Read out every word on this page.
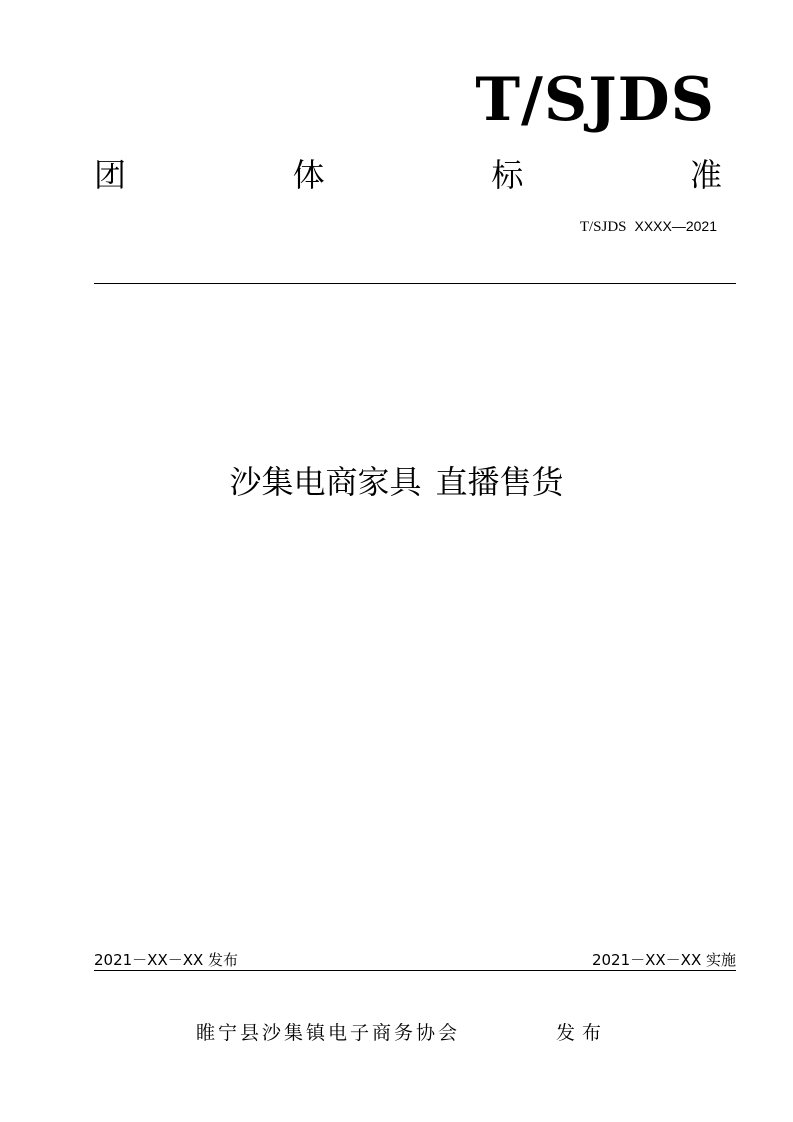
T/SJDS
团	体	标	准
T/SJDS XXXX—2021
沙集电商家具 直播售货
2021－XX－XX 发布	2021－XX－XX 实施
睢宁县沙集镇电子商务协会	发布
